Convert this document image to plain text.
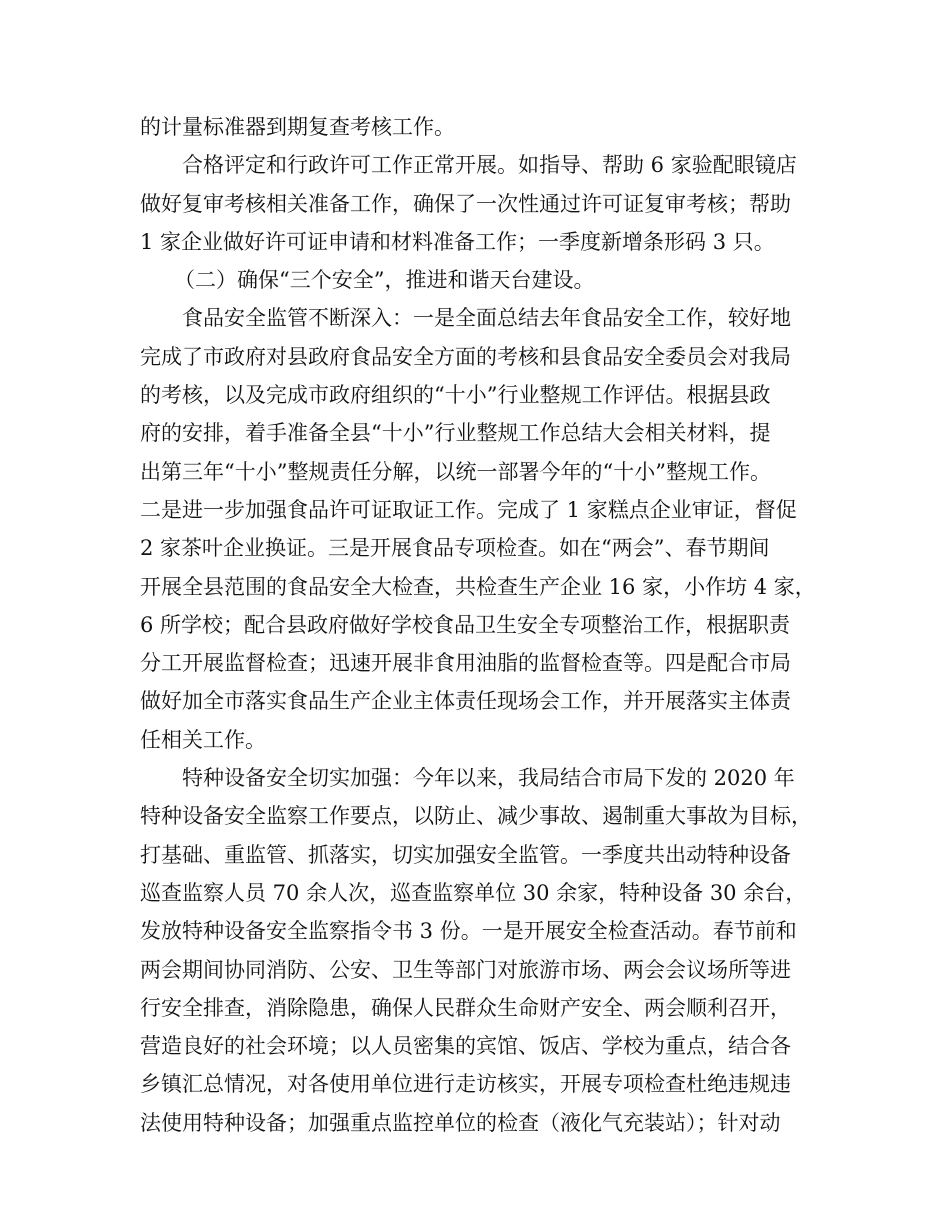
的计量标准器到期复查考核工作。
合格评定和行政许可工作正常开展。如指导、帮助 6 家验配眼镜店
做好复审考核相关准备工作，确保了一次性通过许可证复审考核；帮助
1 家企业做好许可证申请和材料准备工作；一季度新增条形码 3 只。
（二）确保“三个安全”，推进和谐天台建设。
食品安全监管不断深入：一是全面总结去年食品安全工作，较好地
完成了市政府对县政府食品安全方面的考核和县食品安全委员会对我局
的考核，以及完成市政府组织的“十小”行业整规工作评估。根据县政
府的安排，着手准备全县“十小”行业整规工作总结大会相关材料，提
出第三年“十小”整规责任分解，以统一部署今年的“十小”整规工作。
二是进一步加强食品许可证取证工作。完成了 1 家糕点企业审证，督促
2 家茶叶企业换证。三是开展食品专项检查。如在“两会”、春节期间
开展全县范围的食品安全大检查，共检查生产企业 16 家，小作坊 4 家，
6 所学校；配合县政府做好学校食品卫生安全专项整治工作，根据职责
分工开展监督检查；迅速开展非食用油脂的监督检查等。四是配合市局
做好加全市落实食品生产企业主体责任现场会工作，并开展落实主体责
任相关工作。
特种设备安全切实加强：今年以来，我局结合市局下发的 2020 年
特种设备安全监察工作要点，以防止、减少事故、遏制重大事故为目标，
打基础、重监管、抓落实，切实加强安全监管。一季度共出动特种设备
巡查监察人员 70 余人次，巡查监察单位 30 余家，特种设备 30 余台，
发放特种设备安全监察指令书 3 份。一是开展安全检查活动。春节前和
两会期间协同消防、公安、卫生等部门对旅游市场、两会会议场所等进
行安全排查，消除隐患，确保人民群众生命财产安全、两会顺利召开，
营造良好的社会环境；以人员密集的宾馆、饭店、学校为重点，结合各
乡镇汇总情况，对各使用单位进行走访核实，开展专项检查杜绝违规违
法使用特种设备；加强重点监控单位的检查（液化气充装站）；针对动
